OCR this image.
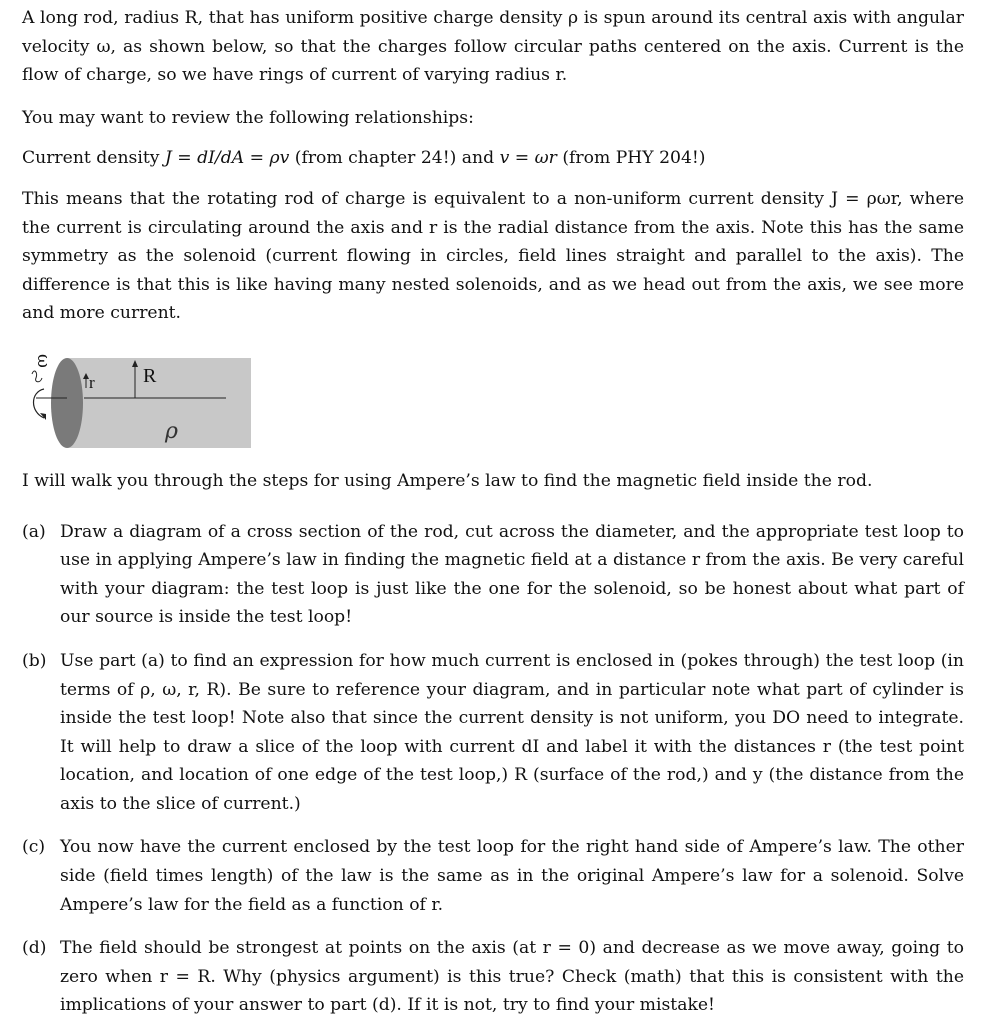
A long rod, radius R, that has uniform positive charge density ρ is spun around its central axis with angular velocity ω, as shown below, so that the charges follow circular paths centered on the axis. Current is the flow of charge, so we have rings of current of varying radius r.

You may want to review the following relationships:

Current density J = dI/dA = ρv (from chapter 24!) and v = ωr (from PHY 204!)

This means that the rotating rod of charge is equivalent to a non-uniform current density J = ρωr, where the current is circulating around the axis and r is the radial distance from the axis. Note this has the same symmetry as the solenoid (current flowing in circles, field lines straight and parallel to the axis). The difference is that this is like having many nested solenoids, and as we head out from the axis, we see more and more current.

R
r
ρ
ω

I will walk you through the steps for using Ampere’s law to find the magnetic field inside the rod.

(a) Draw a diagram of a cross section of the rod, cut across the diameter, and the appropriate test loop to use in applying Ampere’s law in finding the magnetic field at a distance r from the axis. Be very careful with your diagram: the test loop is just like the one for the solenoid, so be honest about what part of our source is inside the test loop!

(b) Use part (a) to find an expression for how much current is enclosed in (pokes through) the test loop (in terms of ρ, ω, r, R). Be sure to reference your diagram, and in particular note what part of cylinder is inside the test loop! Note also that since the current density is not uniform, you DO need to integrate. It will help to draw a slice of the loop with current dI and label it with the distances r (the test point location, and location of one edge of the test loop,) R (surface of the rod,) and y (the distance from the axis to the slice of current.)

(c) You now have the current enclosed by the test loop for the right hand side of Ampere’s law. The other side (field times length) of the law is the same as in the original Ampere’s law for a solenoid. Solve Ampere’s law for the field as a function of r.

(d) The field should be strongest at points on the axis (at r = 0) and decrease as we move away, going to zero when r = R. Why (physics argument) is this true? Check (math) that this is consistent with the implications of your answer to part (d). If it is not, try to find your mistake!
